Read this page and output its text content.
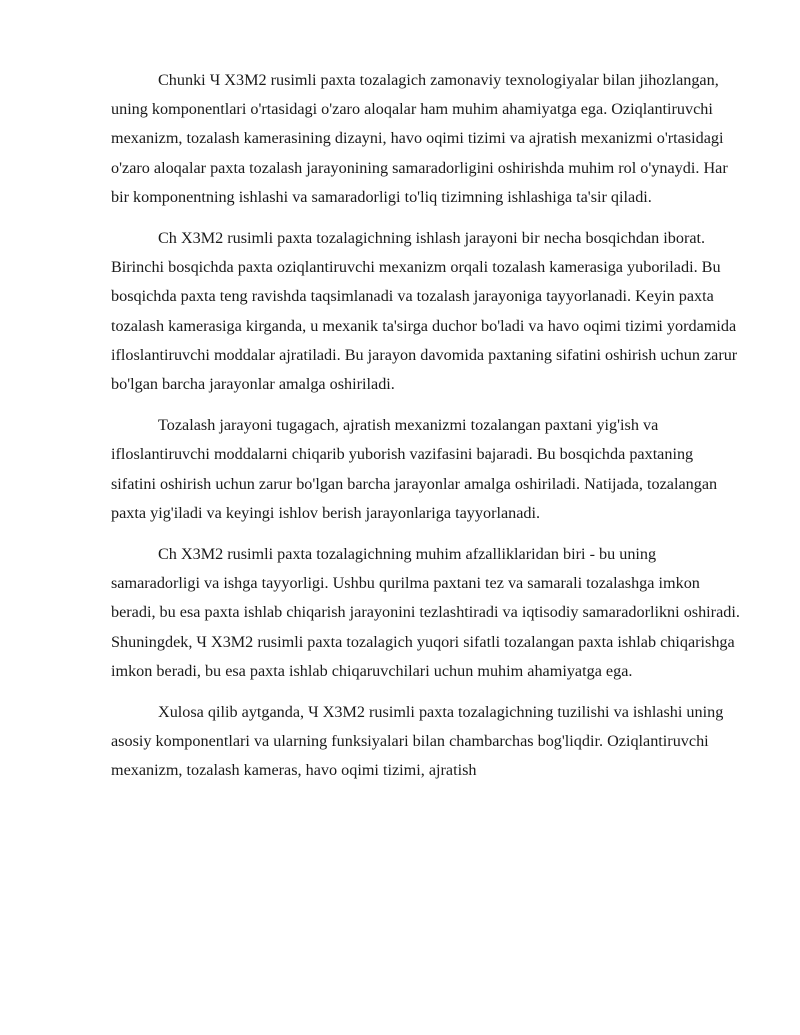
Chunki Ч Х3М2 rusimli paxta tozalagich zamonaviy texnologiyalar bilan jihozlangan, uning komponentlari o'rtasidagi o'zaro aloqalar ham muhim ahamiyatga ega. Oziqlantiruvchi mexanizm, tozalash kamerasining dizayni, havo oqimi tizimi va ajratish mexanizmi o'rtasidagi o'zaro aloqalar paxta tozalash jarayonining samaradorligini oshirishda muhim rol o'ynaydi. Har bir komponentning ishlashi va samaradorligi to'liq tizimning ishlashiga ta'sir qiladi.

Ch Х3М2 rusimli paxta tozalagichning ishlash jarayoni bir necha bosqichdan iborat. Birinchi bosqichda paxta oziqlantiruvchi mexanizm orqali tozalash kamerasiga yuboriladi. Bu bosqichda paxta teng ravishda taqsimlanadi va tozalash jarayoniga tayyorlanadi. Keyin paxta tozalash kamerasiga kirganda, u mexanik ta'sirga duchor bo'ladi va havo oqimi tizimi yordamida ifloslantiruvchi moddalar ajratiladi. Bu jarayon davomida paxtaning sifatini oshirish uchun zarur bo'lgan barcha jarayonlar amalga oshiriladi.

Tozalash jarayoni tugagach, ajratish mexanizmi tozalangan paxtani yig'ish va ifloslantiruvchi moddalarni chiqarib yuborish vazifasini bajaradi. Bu bosqichda paxtaning sifatini oshirish uchun zarur bo'lgan barcha jarayonlar amalga oshiriladi. Natijada, tozalangan paxta yig'iladi va keyingi ishlov berish jarayonlariga tayyorlanadi.

Ch Х3М2 rusimli paxta tozalagichning muhim afzalliklaridan biri - bu uning samaradorligi va ishga tayyorligi. Ushbu qurilma paxtani tez va samarali tozalashga imkon beradi, bu esa paxta ishlab chiqarish jarayonini tezlashtiradi va iqtisodiy samaradorlikni oshiradi. Shuningdek, Ч Х3М2 rusimli paxta tozalagich yuqori sifatli tozalangan paxta ishlab chiqarishga imkon beradi, bu esa paxta ishlab chiqaruvchilari uchun muhim ahamiyatga ega.

Xulosa qilib aytganda, Ч Х3М2 rusimli paxta tozalagichning tuzilishi va ishlashi uning asosiy komponentlari va ularning funksiyalari bilan chambarchas bog'liqdir. Oziqlantiruvchi mexanizm, tozalash kameras, havo oqimi tizimi, ajratish
